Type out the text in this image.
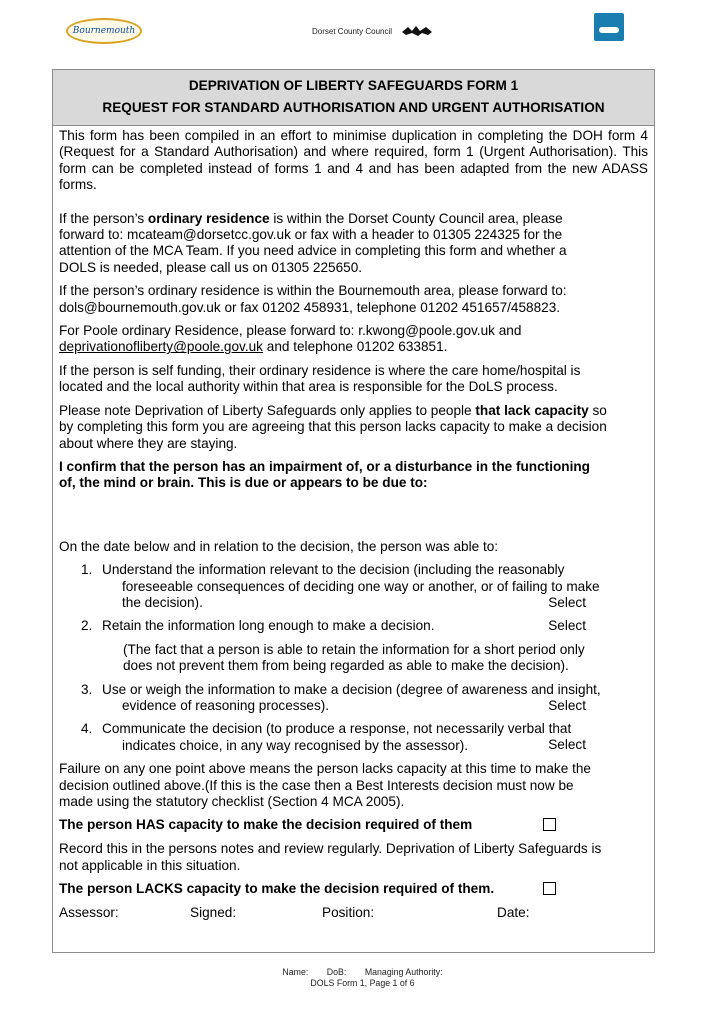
Bournemouth	Dorset County Council
DEPRIVATION OF LIBERTY SAFEGUARDS FORM 1
REQUEST FOR STANDARD AUTHORISATION AND URGENT AUTHORISATION

This form has been compiled in an effort to minimise duplication in completing the DOH form 4 (Request for a Standard Authorisation) and where required, form 1 (Urgent Authorisation). This form can be completed instead of forms 1 and 4 and has been adapted from the new ADASS forms.

If the person’s ordinary residence is within the Dorset County Council area, please
forward to: mcateam@dorsetcc.gov.uk or fax with a header to 01305 224325 for the
attention of the MCA Team. If you need advice in completing this form and whether a
DOLS is needed, please call us on 01305 225650.
If the person’s ordinary residence is within the Bournemouth area, please forward to:
dols@bournemouth.gov.uk or fax 01202 458931, telephone 01202 451657/458823.
For Poole ordinary Residence, please forward to: r.kwong@poole.gov.uk and
deprivationofliberty@poole.gov.uk and telephone 01202 633851.
If the person is self funding, their ordinary residence is where the care home/hospital is
located and the local authority within that area is responsible for the DoLS process.
Please note Deprivation of Liberty Safeguards only applies to people that lack capacity so
by completing this form you are agreeing that this person lacks capacity to make a decision
about where they are staying.
I confirm that the person has an impairment of, or a disturbance in the functioning
of, the mind or brain. This is due or appears to be due to:
On the date below and in relation to the decision, the person was able to:
1. Understand the information relevant to the decision (including the reasonably
foreseeable consequences of deciding one way or another, or of failing to make
the decision).	Select
2. Retain the information long enough to make a decision.	Select
(The fact that a person is able to retain the information for a short period only
does not prevent them from being regarded as able to make the decision).
3. Use or weigh the information to make a decision (degree of awareness and insight,
evidence of reasoning processes).	Select
4. Communicate the decision (to produce a response, not necessarily verbal that
indicates choice, in any way recognised by the assessor).	Select
Failure on any one point above means the person lacks capacity at this time to make the
decision outlined above.(If this is the case then a Best Interests decision must now be
made using the statutory checklist (Section 4 MCA 2005).
The person HAS capacity to make the decision required of them
Record this in the persons notes and review regularly. Deprivation of Liberty Safeguards is
not applicable in this situation.
The person LACKS capacity to make the decision required of them.
Assessor:	Signed:	Position:	Date:
Name: DoB: Managing Authority:
DOLS Form 1, Page 1 of 6
